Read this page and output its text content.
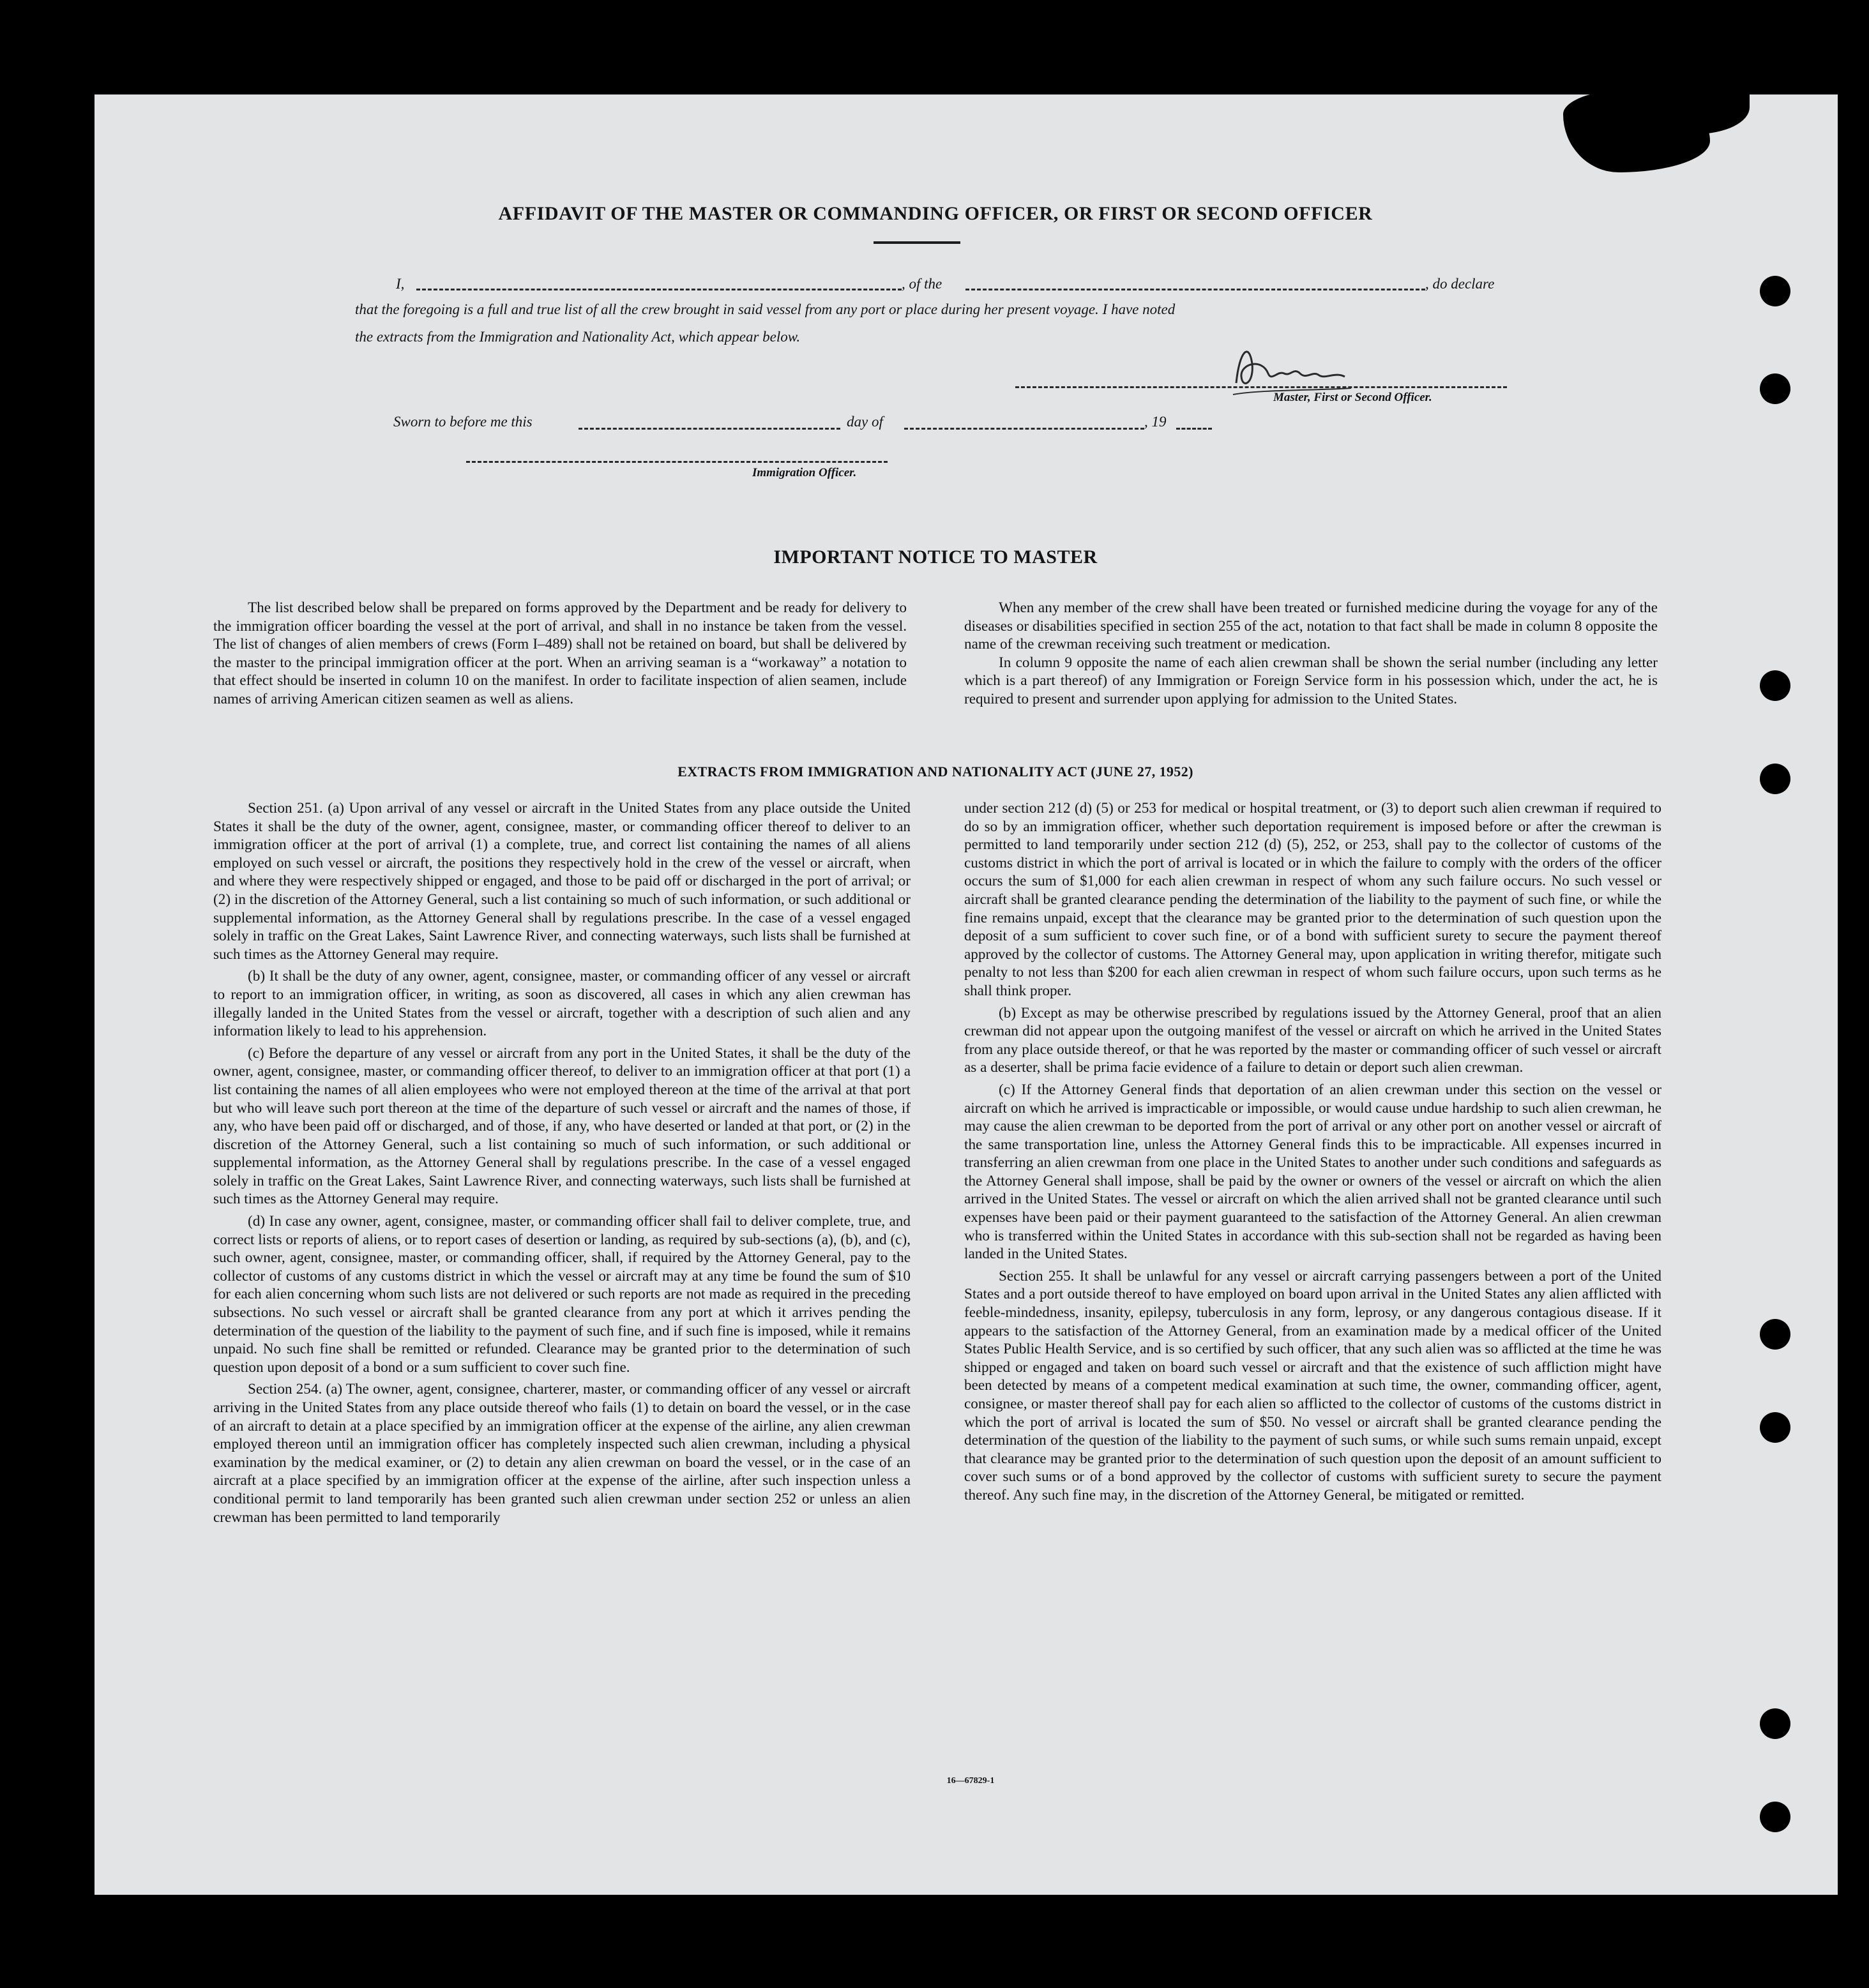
AFFIDAVIT OF THE MASTER OR COMMANDING OFFICER, OR FIRST OR SECOND OFFICER
I,	, of the	, do declare
that the foregoing is a full and true list of all the crew brought in said vessel from any port or place during her present voyage. I have noted
the extracts from the Immigration and Nationality Act, which appear below.
Master, First or Second Officer.
Sworn to before me this	day of	, 19
Immigration Officer.
IMPORTANT NOTICE TO MASTER

The list described below shall be prepared on forms approved by the Department and be ready for delivery to the immigration officer boarding the vessel at the port of arrival, and shall in no instance be taken from the vessel. The list of changes of alien members of crews (Form I–489) shall not be retained on board, but shall be delivered by the master to the principal immigration officer at the port. When an arriving seaman is a “workaway” a notation to that effect should be inserted in column 10 on the manifest. In order to facilitate inspection of alien seamen, include names of arriving American citizen seamen as well as aliens.

When any member of the crew shall have been treated or furnished medicine during the voyage for any of the diseases or disabilities specified in section 255 of the act, notation to that fact shall be made in column 8 opposite the name of the crewman receiving such treatment or medication.

In column 9 opposite the name of each alien crewman shall be shown the serial number (including any letter which is a part thereof) of any Immigration or Foreign Service form in his possession which, under the act, he is required to present and surrender upon applying for admission to the United States.

EXTRACTS FROM IMMIGRATION AND NATIONALITY ACT (JUNE 27, 1952)

Section 251. (a) Upon arrival of any vessel or aircraft in the United States from any place outside the United States it shall be the duty of the owner, agent, consignee, master, or commanding officer thereof to deliver to an immigration officer at the port of arrival (1) a complete, true, and correct list containing the names of all aliens employed on such vessel or aircraft, the positions they respectively hold in the crew of the vessel or aircraft, when and where they were respectively shipped or engaged, and those to be paid off or discharged in the port of arrival; or (2) in the discretion of the Attorney General, such a list containing so much of such information, or such additional or supplemental information, as the Attorney General shall by regulations prescribe. In the case of a vessel engaged solely in traffic on the Great Lakes, Saint Lawrence River, and connecting waterways, such lists shall be furnished at such times as the Attorney General may require.

(b) It shall be the duty of any owner, agent, consignee, master, or commanding officer of any vessel or aircraft to report to an immigration officer, in writing, as soon as discovered, all cases in which any alien crewman has illegally landed in the United States from the vessel or aircraft, together with a description of such alien and any information likely to lead to his apprehension.

(c) Before the departure of any vessel or aircraft from any port in the United States, it shall be the duty of the owner, agent, consignee, master, or commanding officer thereof, to deliver to an immigration officer at that port (1) a list containing the names of all alien employees who were not employed thereon at the time of the arrival at that port but who will leave such port thereon at the time of the departure of such vessel or aircraft and the names of those, if any, who have been paid off or discharged, and of those, if any, who have deserted or landed at that port, or (2) in the discretion of the Attorney General, such a list containing so much of such information, or such additional or supplemental information, as the Attorney General shall by regulations prescribe. In the case of a vessel engaged solely in traffic on the Great Lakes, Saint Lawrence River, and connecting waterways, such lists shall be furnished at such times as the Attorney General may require.

(d) In case any owner, agent, consignee, master, or commanding officer shall fail to deliver complete, true, and correct lists or reports of aliens, or to report cases of desertion or landing, as required by sub-sections (a), (b), and (c), such owner, agent, consignee, master, or commanding officer, shall, if required by the Attorney General, pay to the collector of customs of any customs district in which the vessel or aircraft may at any time be found the sum of $10 for each alien concerning whom such lists are not delivered or such reports are not made as required in the preceding subsections. No such vessel or aircraft shall be granted clearance from any port at which it arrives pending the determination of the question of the liability to the payment of such fine, and if such fine is imposed, while it remains unpaid. No such fine shall be remitted or refunded. Clearance may be granted prior to the determination of such question upon deposit of a bond or a sum sufficient to cover such fine.

Section 254. (a) The owner, agent, consignee, charterer, master, or commanding officer of any vessel or aircraft arriving in the United States from any place outside thereof who fails (1) to detain on board the vessel, or in the case of an aircraft to detain at a place specified by an immigration officer at the expense of the airline, any alien crewman employed thereon until an immigration officer has completely inspected such alien crewman, including a physical examination by the medical examiner, or (2) to detain any alien crewman on board the vessel, or in the case of an aircraft at a place specified by an immigration officer at the expense of the airline, after such inspection unless a conditional permit to land temporarily has been granted such alien crewman under section 252 or unless an alien crewman has been permitted to land temporarily

under section 212 (d) (5) or 253 for medical or hospital treatment, or (3) to deport such alien crewman if required to do so by an immigration officer, whether such deportation requirement is imposed before or after the crewman is permitted to land temporarily under section 212 (d) (5), 252, or 253, shall pay to the collector of customs of the customs district in which the port of arrival is located or in which the failure to comply with the orders of the officer occurs the sum of $1,000 for each alien crewman in respect of whom any such failure occurs. No such vessel or aircraft shall be granted clearance pending the determination of the liability to the payment of such fine, or while the fine remains unpaid, except that the clearance may be granted prior to the determination of such question upon the deposit of a sum sufficient to cover such fine, or of a bond with sufficient surety to secure the payment thereof approved by the collector of customs. The Attorney General may, upon application in writing therefor, mitigate such penalty to not less than $200 for each alien crewman in respect of whom such failure occurs, upon such terms as he shall think proper.

(b) Except as may be otherwise prescribed by regulations issued by the Attorney General, proof that an alien crewman did not appear upon the outgoing manifest of the vessel or aircraft on which he arrived in the United States from any place outside thereof, or that he was reported by the master or commanding officer of such vessel or aircraft as a deserter, shall be prima facie evidence of a failure to detain or deport such alien crewman.

(c) If the Attorney General finds that deportation of an alien crewman under this section on the vessel or aircraft on which he arrived is impracticable or impossible, or would cause undue hardship to such alien crewman, he may cause the alien crewman to be deported from the port of arrival or any other port on another vessel or aircraft of the same transportation line, unless the Attorney General finds this to be impracticable. All expenses incurred in transferring an alien crewman from one place in the United States to another under such conditions and safeguards as the Attorney General shall impose, shall be paid by the owner or owners of the vessel or aircraft on which the alien arrived in the United States. The vessel or aircraft on which the alien arrived shall not be granted clearance until such expenses have been paid or their payment guaranteed to the satisfaction of the Attorney General. An alien crewman who is transferred within the United States in accordance with this sub-section shall not be regarded as having been landed in the United States.

Section 255. It shall be unlawful for any vessel or aircraft carrying passengers between a port of the United States and a port outside thereof to have employed on board upon arrival in the United States any alien afflicted with feeble-mindedness, insanity, epilepsy, tuberculosis in any form, leprosy, or any dangerous contagious disease. If it appears to the satisfaction of the Attorney General, from an examination made by a medical officer of the United States Public Health Service, and is so certified by such officer, that any such alien was so afflicted at the time he was shipped or engaged and taken on board such vessel or aircraft and that the existence of such affliction might have been detected by means of a competent medical examination at such time, the owner, commanding officer, agent, consignee, or master thereof shall pay for each alien so afflicted to the collector of customs of the customs district in which the port of arrival is located the sum of $50. No vessel or aircraft shall be granted clearance pending the determination of the question of the liability to the payment of such sums, or while such sums remain unpaid, except that clearance may be granted prior to the determination of such question upon the deposit of an amount sufficient to cover such sums or of a bond approved by the collector of customs with sufficient surety to secure the payment thereof. Any such fine may, in the discretion of the Attorney General, be mitigated or remitted.

16—67829-1
